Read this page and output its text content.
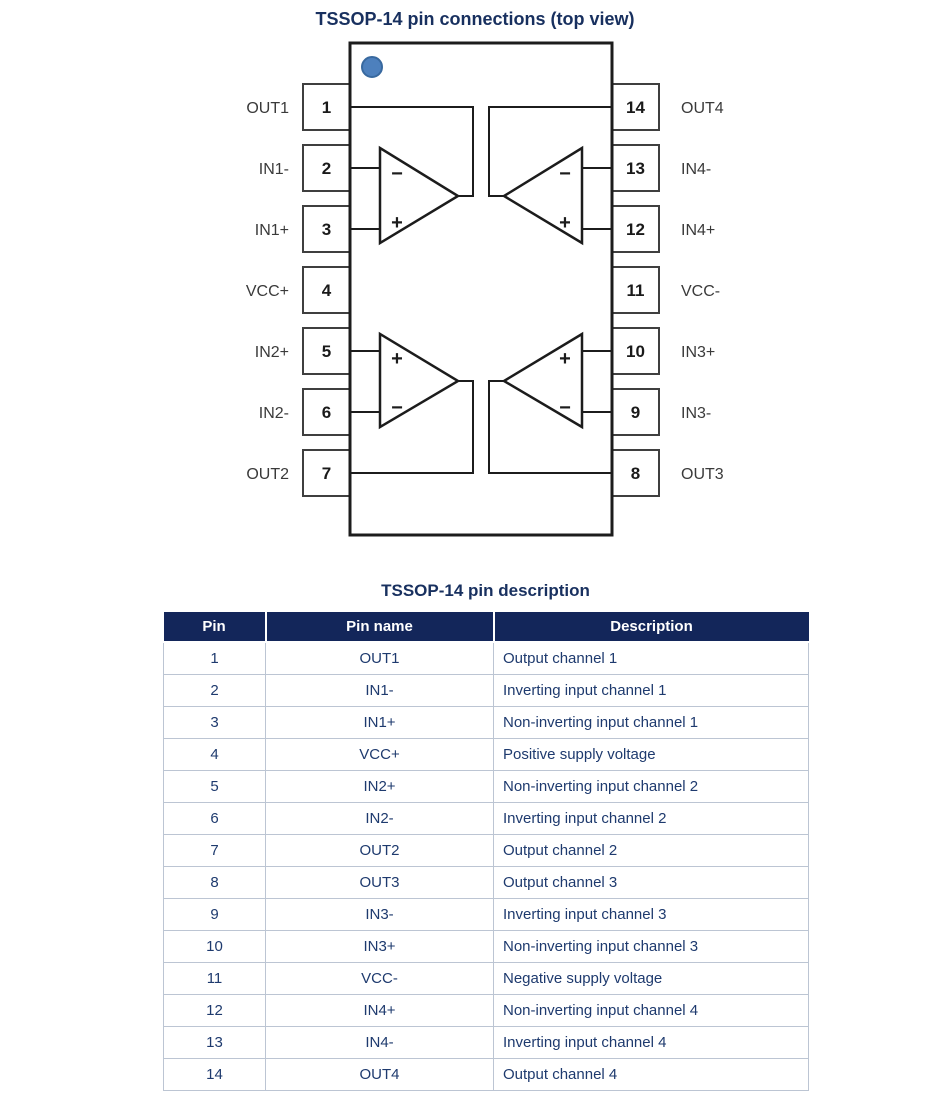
TSSOP-14 pin connections (top view)
1
OUT1
2
IN1-
3
IN1+
4
VCC+
5
IN2+
6
IN2-
7
OUT2
14 OUT4
13 IN4-
12 IN4+
11 VCC-
10 IN3+
9	IN3-
8	OUT3
−
+
−
+
+
−
+
−
TSSOP-14 pin description
Pin	Pin name	Description
1	OUT1	Output channel 1
2	IN1-	Inverting input channel 1
3	IN1+	Non-inverting input channel 1
4	VCC+	Positive supply voltage
5	IN2+	Non-inverting input channel 2
6	IN2-	Inverting input channel 2
7	OUT2	Output channel 2
8	OUT3	Output channel 3
9	IN3-	Inverting input channel 3
10	IN3+	Non-inverting input channel 3
11	VCC-	Negative supply voltage
12	IN4+	Non-inverting input channel 4
13	IN4-	Inverting input channel 4
14	OUT4	Output channel 4
